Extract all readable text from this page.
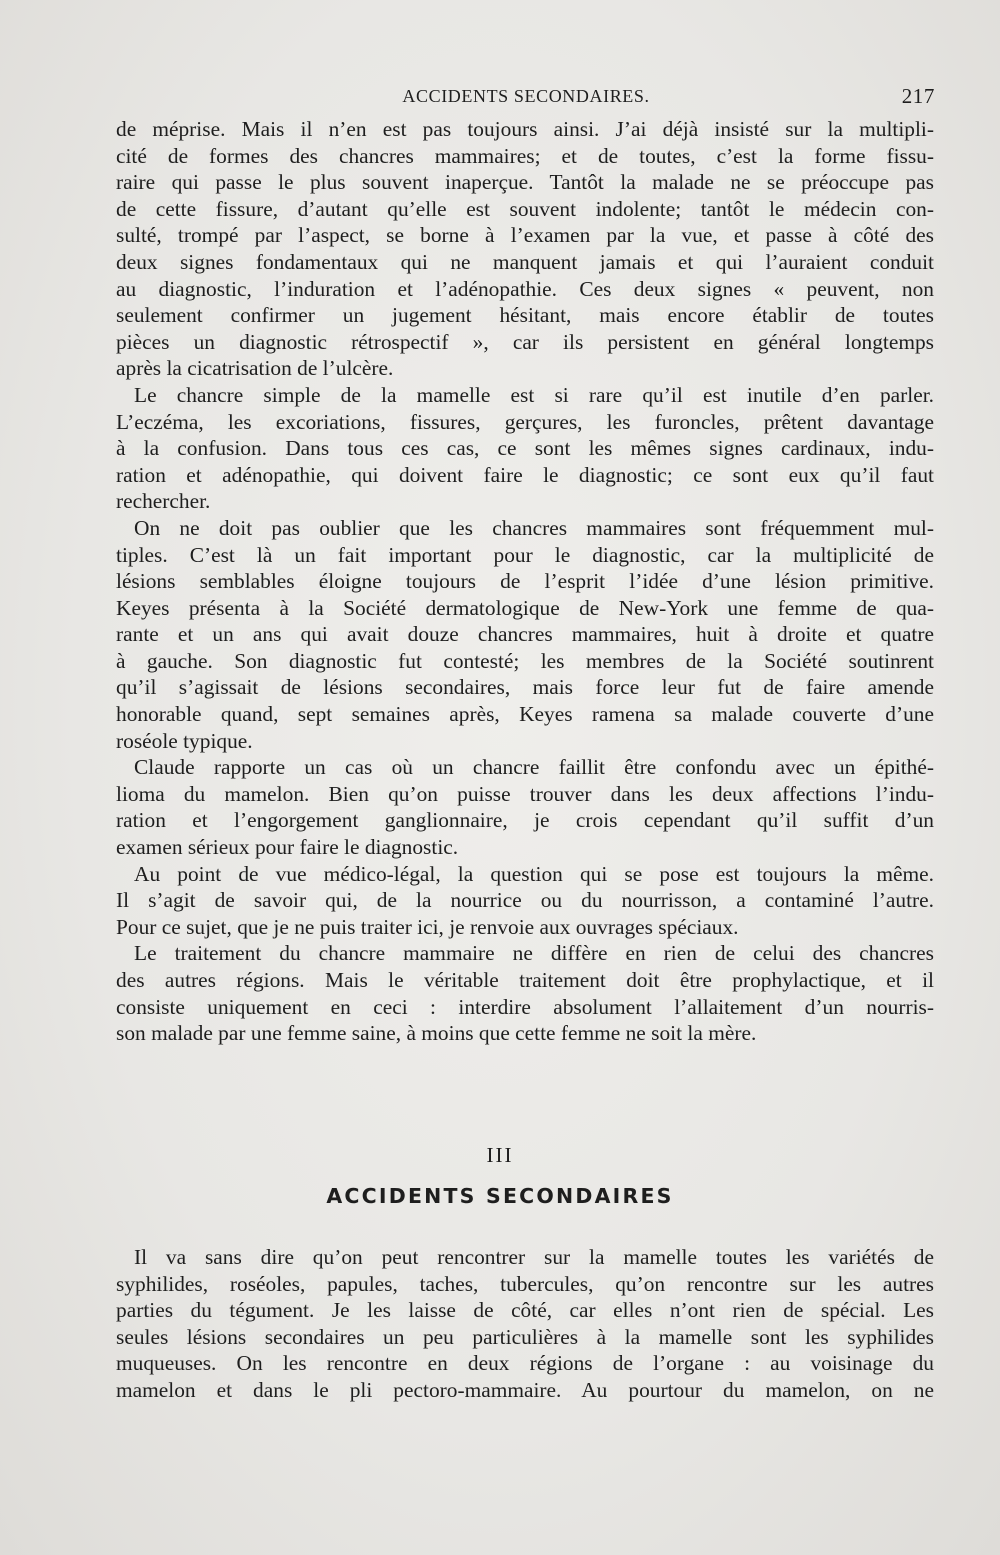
ACCIDENTS SECONDAIRES.	217
de méprise. Mais il n’en est pas toujours ainsi. J’ai déjà insisté sur la multipli-
cité de formes des chancres mammaires; et de toutes, c’est la forme fissu-
raire qui passe le plus souvent inaperçue. Tantôt la malade ne se préoccupe pas
de cette fissure, d’autant qu’elle est souvent indolente; tantôt le médecin con-
sulté, trompé par l’aspect, se borne à l’examen par la vue, et passe à côté des
deux signes fondamentaux qui ne manquent jamais et qui l’auraient conduit
au diagnostic, l’induration et l’adénopathie. Ces deux signes « peuvent, non
seulement confirmer un jugement hésitant, mais encore établir de toutes
pièces un diagnostic rétrospectif », car ils persistent en général longtemps
après la cicatrisation de l’ulcère.
Le chancre simple de la mamelle est si rare qu’il est inutile d’en parler.
L’eczéma, les excoriations, fissures, gerçures, les furoncles, prêtent davantage
à la confusion. Dans tous ces cas, ce sont les mêmes signes cardinaux, indu-
ration et adénopathie, qui doivent faire le diagnostic; ce sont eux qu’il faut
rechercher.
On ne doit pas oublier que les chancres mammaires sont fréquemment mul-
tiples. C’est là un fait important pour le diagnostic, car la multiplicité de
lésions semblables éloigne toujours de l’esprit l’idée d’une lésion primitive.
Keyes présenta à la Société dermatologique de New-York une femme de qua-
rante et un ans qui avait douze chancres mammaires, huit à droite et quatre
à gauche. Son diagnostic fut contesté; les membres de la Société soutinrent
qu’il s’agissait de lésions secondaires, mais force leur fut de faire amende
honorable quand, sept semaines après, Keyes ramena sa malade couverte d’une
roséole typique.
Claude rapporte un cas où un chancre faillit être confondu avec un épithé-
lioma du mamelon. Bien qu’on puisse trouver dans les deux affections l’indu-
ration et l’engorgement ganglionnaire, je crois cependant qu’il suffit d’un
examen sérieux pour faire le diagnostic.
Au point de vue médico-légal, la question qui se pose est toujours la même.
Il s’agit de savoir qui, de la nourrice ou du nourrisson, a contaminé l’autre.
Pour ce sujet, que je ne puis traiter ici, je renvoie aux ouvrages spéciaux.
Le traitement du chancre mammaire ne diffère en rien de celui des chancres
des autres régions. Mais le véritable traitement doit être prophylactique, et il
consiste uniquement en ceci : interdire absolument l’allaitement d’un nourris-
son malade par une femme saine, à moins que cette femme ne soit la mère.
III
ACCIDENTS SECONDAIRES
Il va sans dire qu’on peut rencontrer sur la mamelle toutes les variétés de
syphilides, roséoles, papules, taches, tubercules, qu’on rencontre sur les autres
parties du tégument. Je les laisse de côté, car elles n’ont rien de spécial. Les
seules lésions secondaires un peu particulières à la mamelle sont les syphilides
muqueuses. On les rencontre en deux régions de l’organe : au voisinage du
mamelon et dans le pli pectoro-mammaire. Au pourtour du mamelon, on ne
